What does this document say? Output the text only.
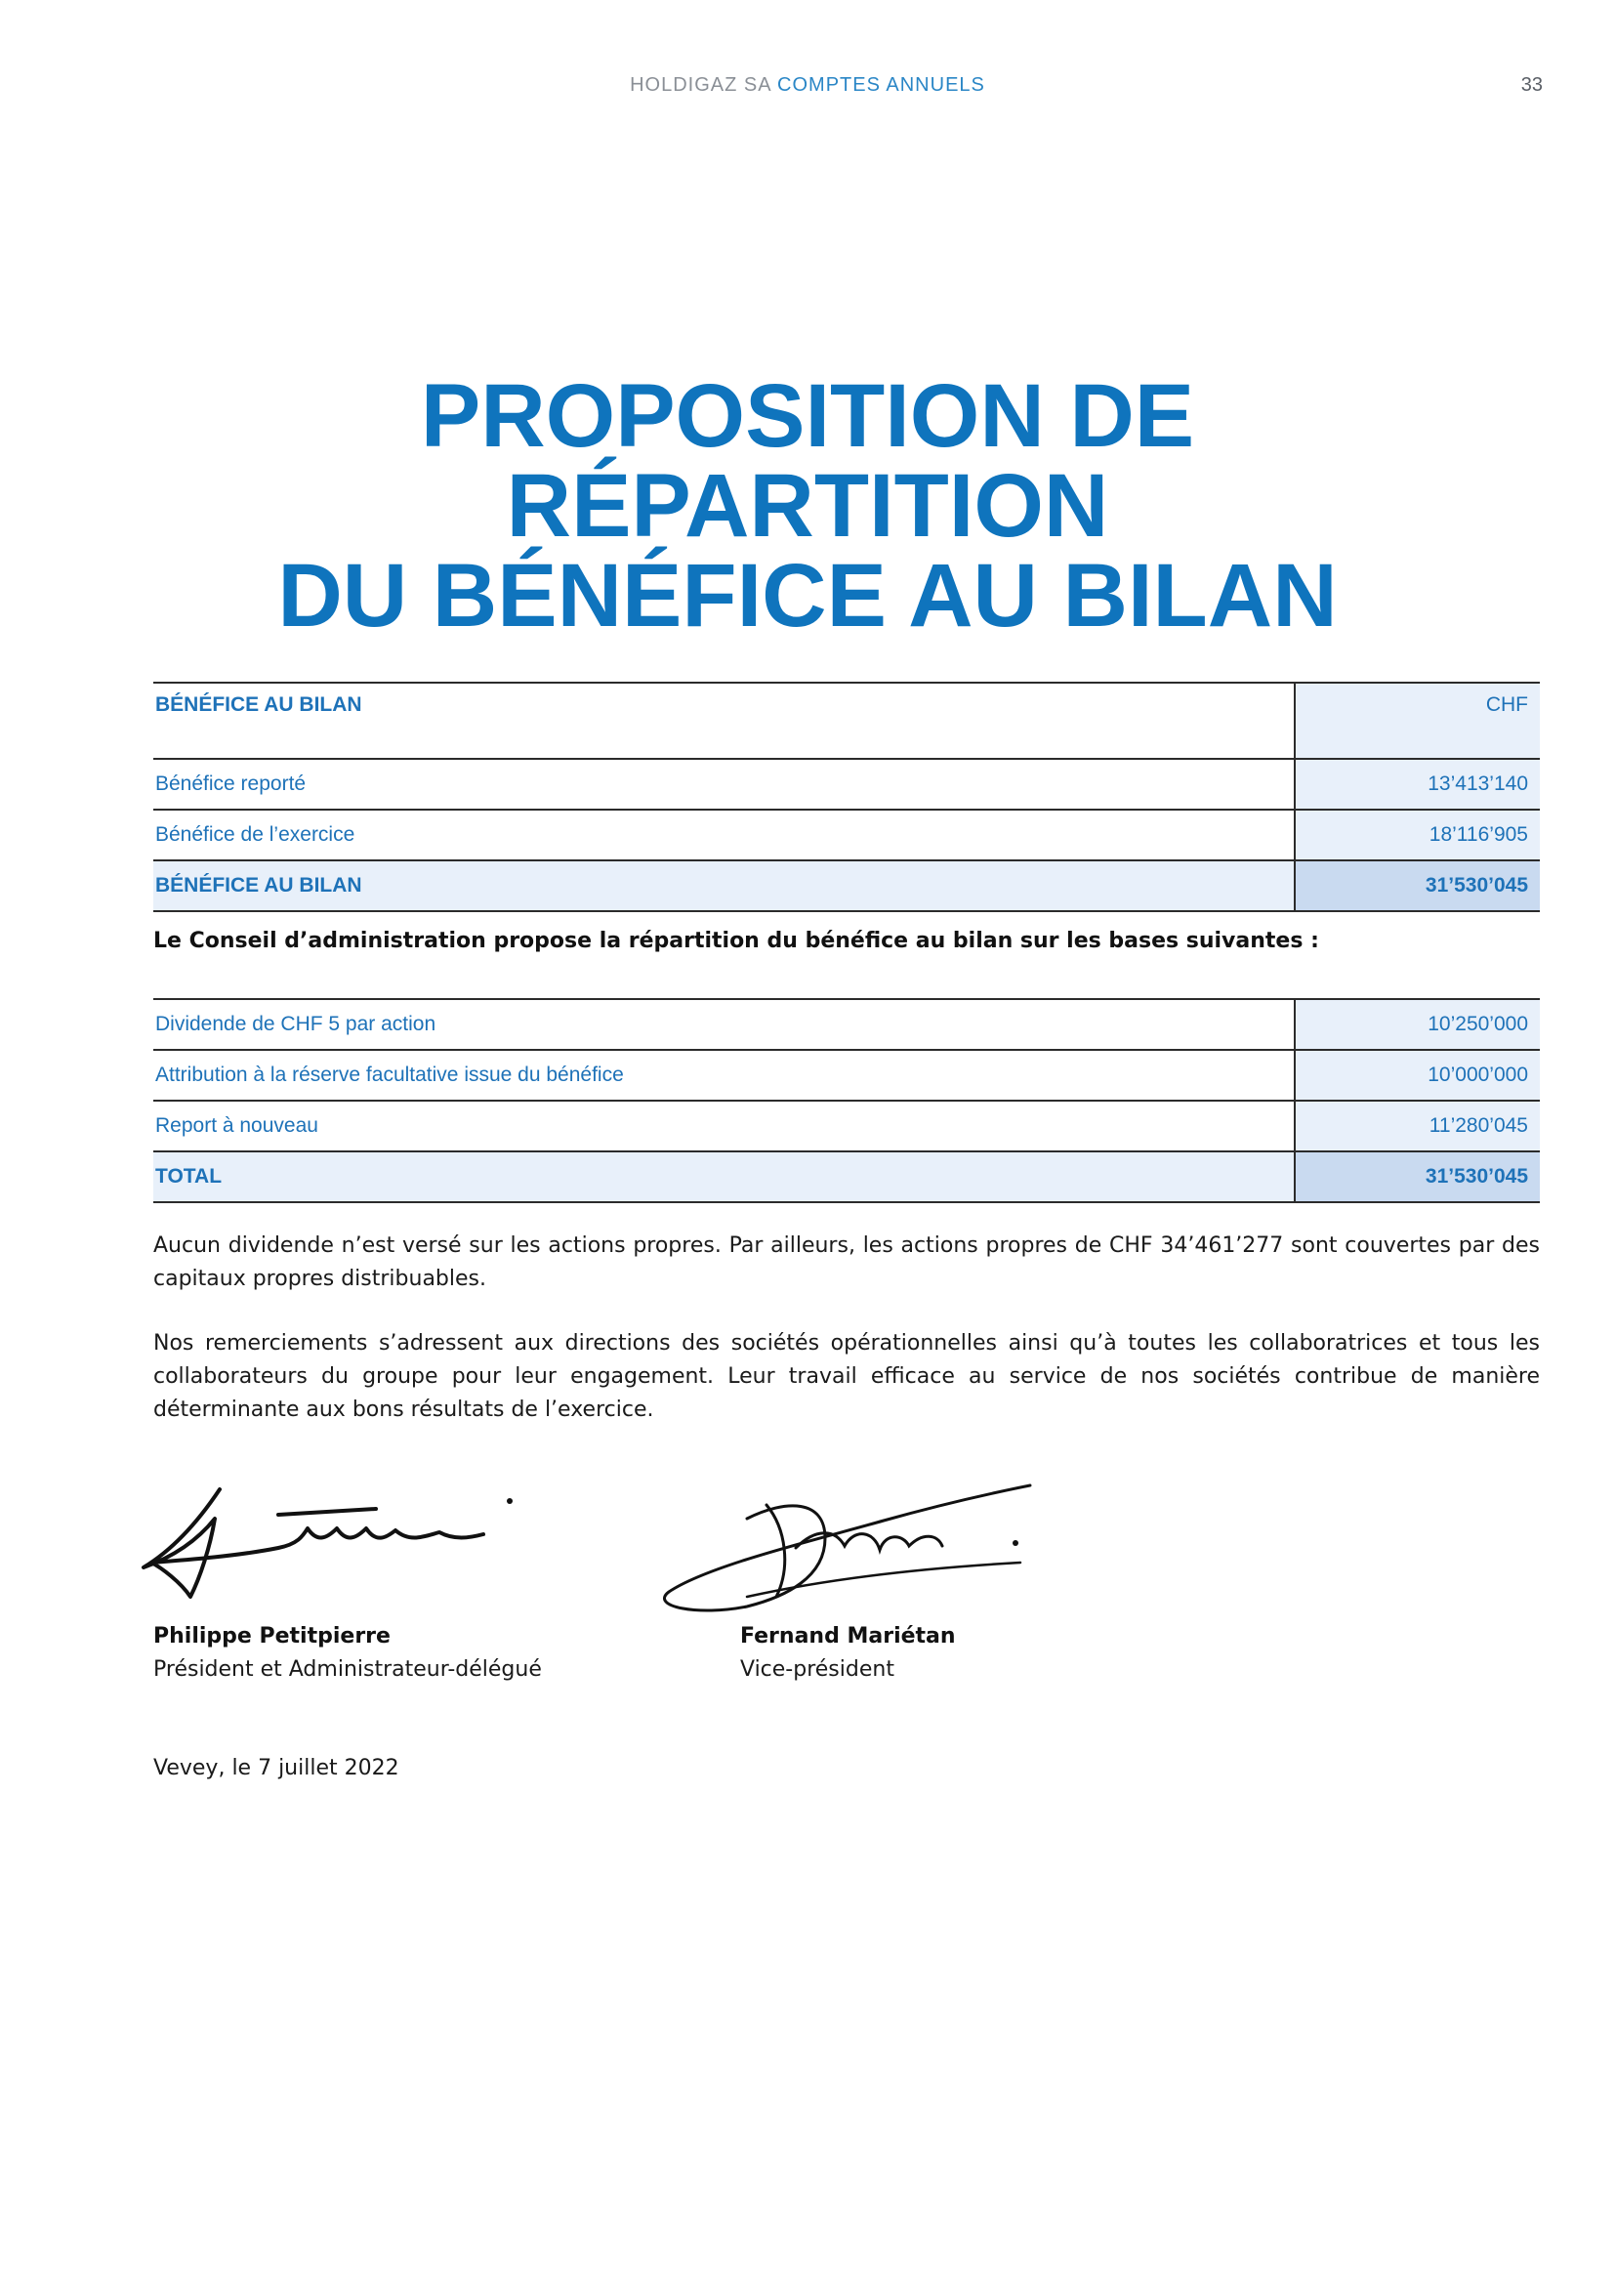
HOLDIGAZ SA COMPTES ANNUELS	33
PROPOSITION DE
RÉPARTITION
DU BÉNÉFICE AU BILAN
BÉNÉFICE AU BILAN	CHF
Bénéfice reporté	13’413’140
Bénéfice de l’exercice	18’116’905
BÉNÉFICE AU BILAN	31’530’045
Le Conseil d’administration propose la répartition du bénéfice au bilan sur les bases suivantes :
Dividende de CHF 5 par action	10’250’000
Attribution à la réserve facultative issue du bénéfice	10’000’000
Report à nouveau	11’280’045
TOTAL	31’530’045

Aucun dividende n’est versé sur les actions propres. Par ailleurs, les actions propres de CHF 34’461’277 sont couvertes par des capitaux propres distribuables.

Nos remerciements s’adressent aux directions des sociétés opérationnelles ainsi qu’à toutes les collaboratrices et tous les collaborateurs du groupe pour leur engagement. Leur travail efficace au service de nos sociétés contribue de manière déterminante aux bons résultats de l’exercice.

Philippe Petitpierre
Président et Administrateur-délégué
Fernand Mariétan
Vice-président
Vevey, le 7 juillet 2022
